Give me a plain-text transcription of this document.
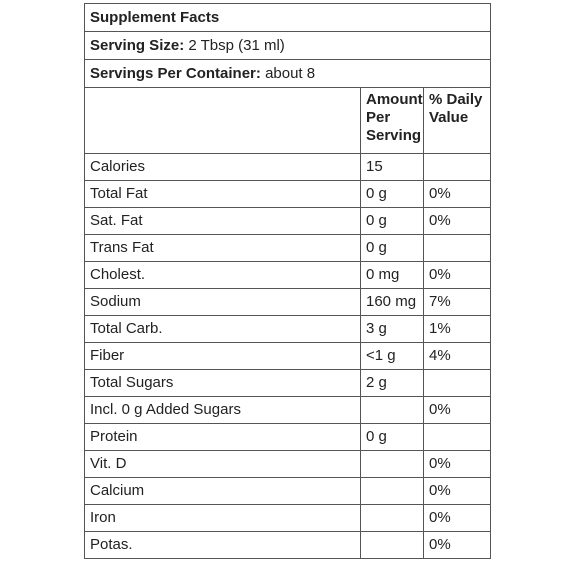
Supplement Facts		
Serving Size: 2 Tbsp (31 ml)		
Servings Per Container: about 8		
	Amount Per Serving	% Daily Value
Calories	15	
Total Fat	0 g	0%
Sat. Fat	0 g	0%
Trans Fat	0 g	
Cholest.	0 mg	0%
Sodium	160 mg	7%
Total Carb.	3 g	1%
Fiber	<1 g	4%
Total Sugars	2 g	
Incl. 0 g Added Sugars		0%
Protein	0 g	
Vit. D		0%
Calcium		0%
Iron		0%
Potas.		0%
